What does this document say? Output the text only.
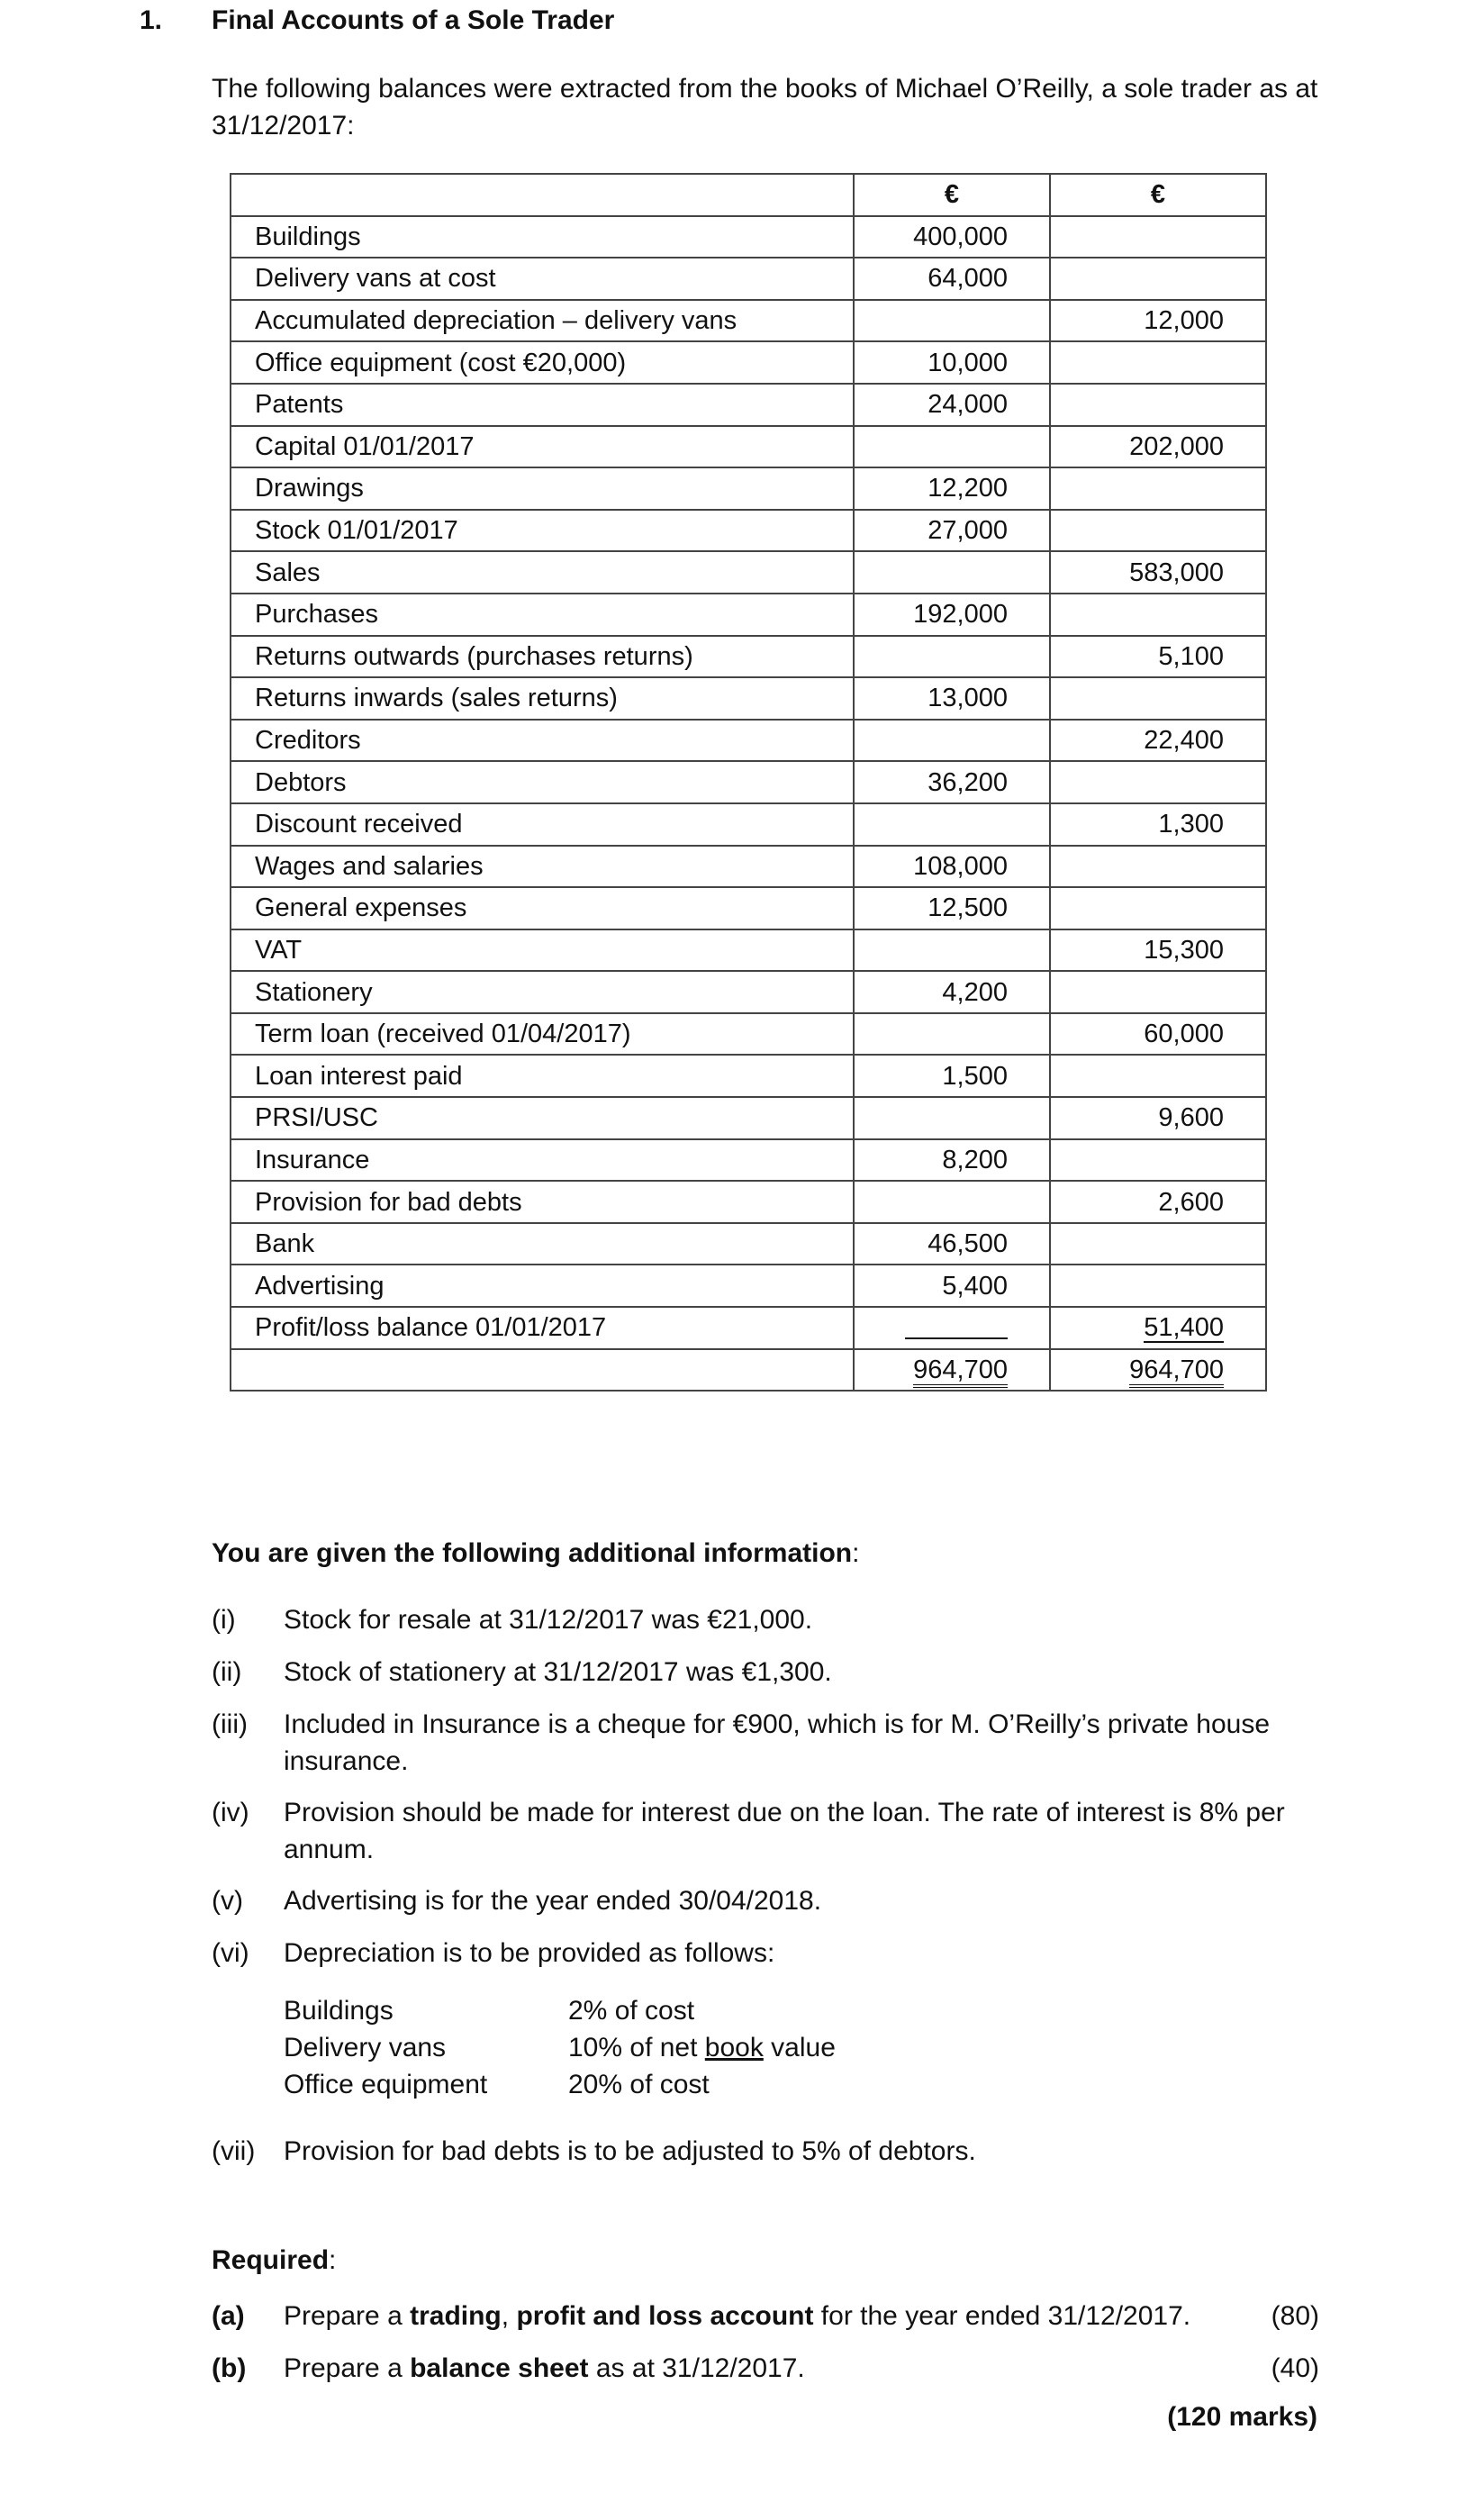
1. Final Accounts of a Sole Trader
The following balances were extracted from the books of Michael O’Reilly, a sole trader as at 31/12/2017:
	€	€
Buildings	400,000	
Delivery vans at cost	64,000	
Accumulated depreciation – delivery vans		12,000
Office equipment (cost €20,000)	10,000	
Patents	24,000	
Capital 01/01/2017		202,000
Drawings	12,200	
Stock 01/01/2017	27,000	
Sales		583,000
Purchases	192,000	
Returns outwards (purchases returns)		5,100
Returns inwards (sales returns)	13,000	
Creditors		22,400
Debtors	36,200	
Discount received		1,300
Wages and salaries	108,000	
General expenses	12,500	
VAT		15,300
Stationery	4,200	
Term loan (received 01/04/2017)		60,000
Loan interest paid	1,500	
PRSI/USC		9,600
Insurance	8,200	
Provision for bad debts		2,600
Bank	46,500	
Advertising	5,400	
Profit/loss balance 01/01/2017		51,400
	964,700	964,700
You are given the following additional information:
(i)	Stock for resale at 31/12/2017 was €21,000.
(ii)	Stock of stationery at 31/12/2017 was €1,300.
(iii)	Included in Insurance is a cheque for €900, which is for M. O’Reilly’s private house insurance.
(iv)	Provision should be made for interest due on the loan. The rate of interest is 8% per annum.
(v)	Advertising is for the year ended 30/04/2018.
(vi)	Depreciation is to be provided as follows:
Buildings	2% of cost
Delivery vans	10% of net book value
Office equipment	20% of cost
(vii)	Provision for bad debts is to be adjusted to 5% of debtors.
Required:
(a) Prepare a trading, profit and loss account for the year ended 31/12/2017.	(80)
(b) Prepare a balance sheet as at 31/12/2017.	(40)
(120 marks)
